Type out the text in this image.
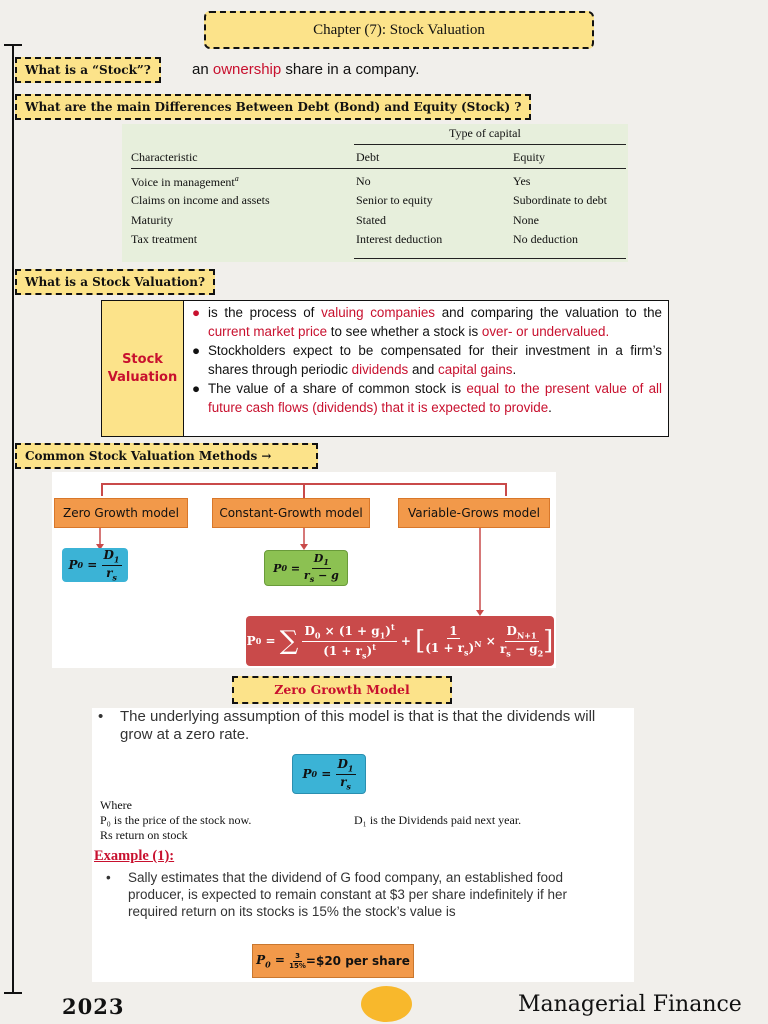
Chapter (7): Stock Valuation
What is a “Stock”?	an ownership share in a company.
What are the main Differences Between Debt (Bond) and Equity (Stock) ?
Type of capital
Characteristic	Debt	Equity
Voice in management$^a$	No	Yes
Claims on income and assets	Senior to equity	Subordinate to debt
Maturity	Stated	None
Tax treatment	Interest deduction	No deduction
What is a Stock Valuation?
Stock
Valuation
● is the process of valuing companies and comparing the valuation to the current market price to see whether a stock is over- or undervalued.
● Stockholders expect to be compensated for their investment in a firm’s shares through periodic dividends and capital gains.
● The value of a share of common stock is equal to the present value of all future cash flows (dividends) that it is expected to provide.
Common Stock Valuation Methods →
Zero Growth model	Constant-Growth model	Variable-Grows model
P $0 = \frac{D_1}{r_s}$	P $0 = \frac{D_1}{r_s - g}$
P 0 = ∑
$\frac{D_0 \times (1 + g_1)^t}{(1 + r_s)^t}$ + [ $\frac{1}{(1 + r_s)^N} \times \frac{D_{N+1}}{r_s - g_2}$ ]
Zero Growth Model
•	The underlying assumption of this model is that is that the dividends will grow at a zero rate.
P $0 = \frac{D_1}{r_s}$
Where
P₀ is the price of the stock now.	D₁ is the Dividends paid next year.
Rs return on stock
Example (1):
•	Sally estimates that the dividend of G food company, an established food producer, is expected to remain constant at $3 per share indefinitely if her required return on its stocks is 15% the stock’s value is
$P_0 = \frac{3}{15\%}$ =$20 per share
2023	Managerial Finance
